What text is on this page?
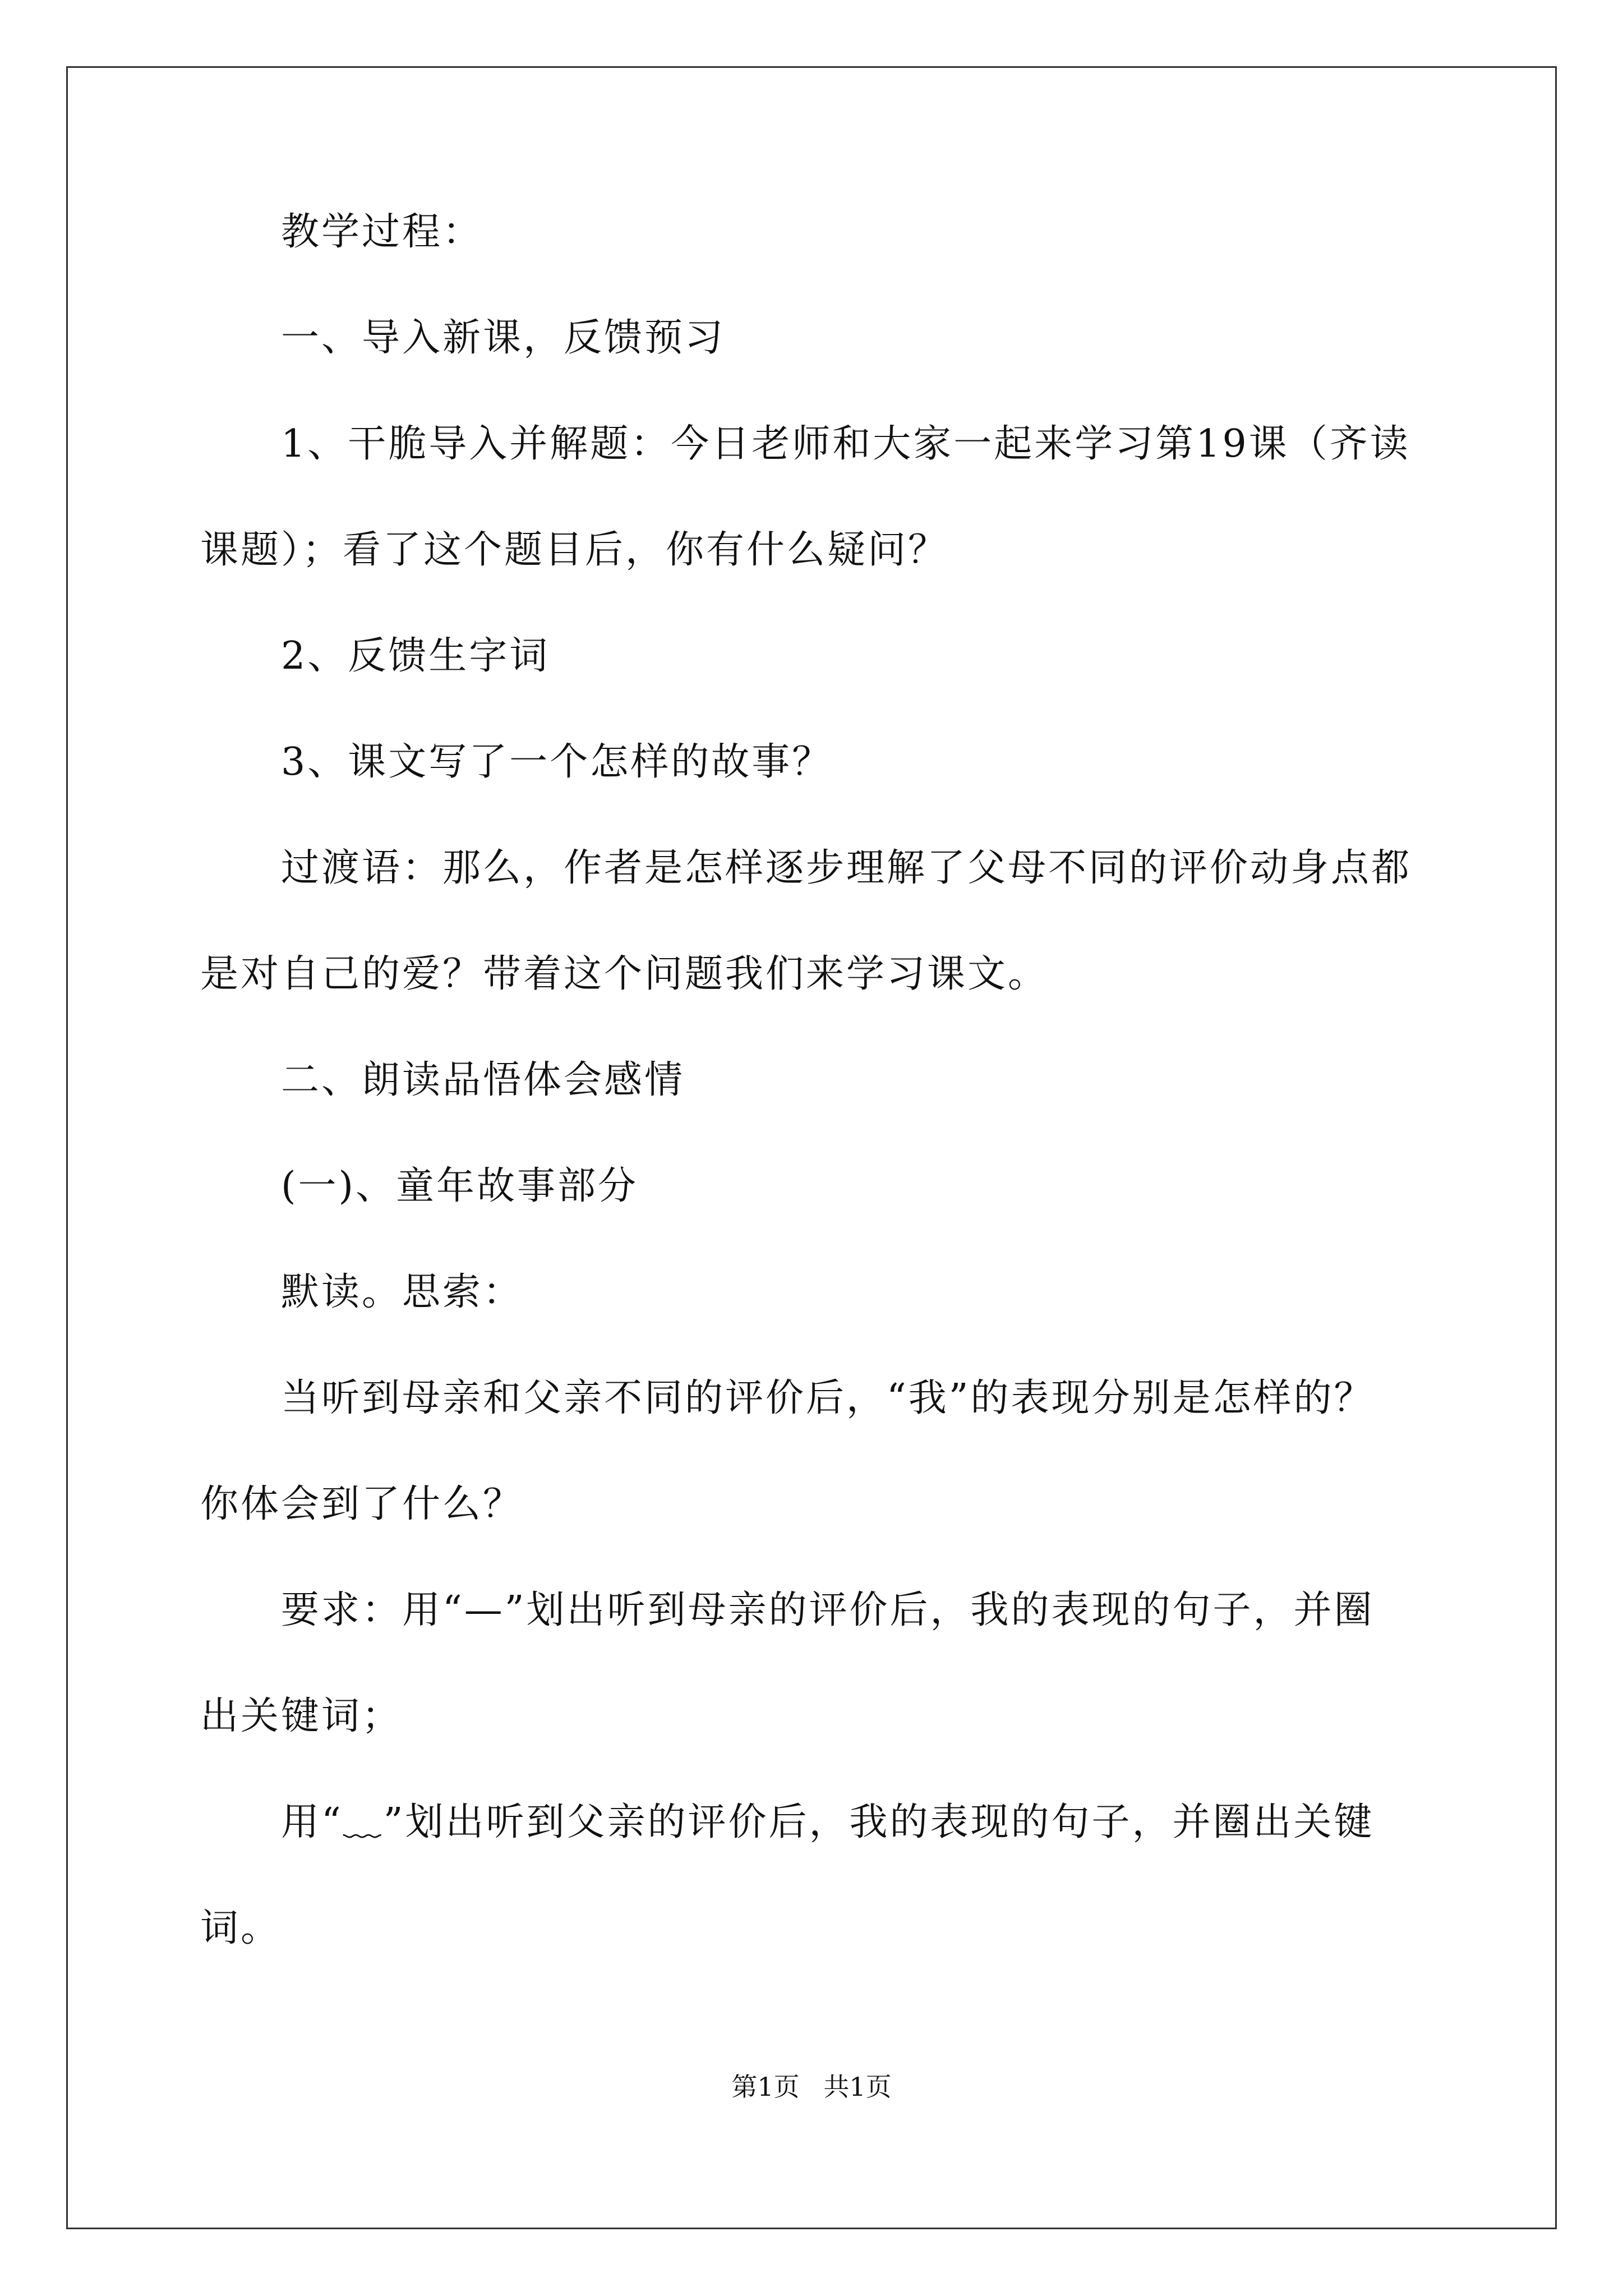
教学过程：
一、导入新课，反馈预习
1、干脆导入并解题：今日老师和大家一起来学习第19课（齐读
课题）；看了这个题目后，你有什么疑问？
2、反馈生字词
3、课文写了一个怎样的故事？
过渡语：那么，作者是怎样逐步理解了父母不同的评价动身点都
是对自己的爱？带着这个问题我们来学习课文。
二、朗读品悟体会感情
(一)、童年故事部分
默读。思索：
当听到母亲和父亲不同的评价后，“我”的表现分别是怎样的？
你体会到了什么？
要求：用“—”划出听到母亲的评价后，我的表现的句子，并圈
出关键词；
用“﹏”划出听到父亲的评价后，我的表现的句子，并圈出关键
词。
第1页 共1页
